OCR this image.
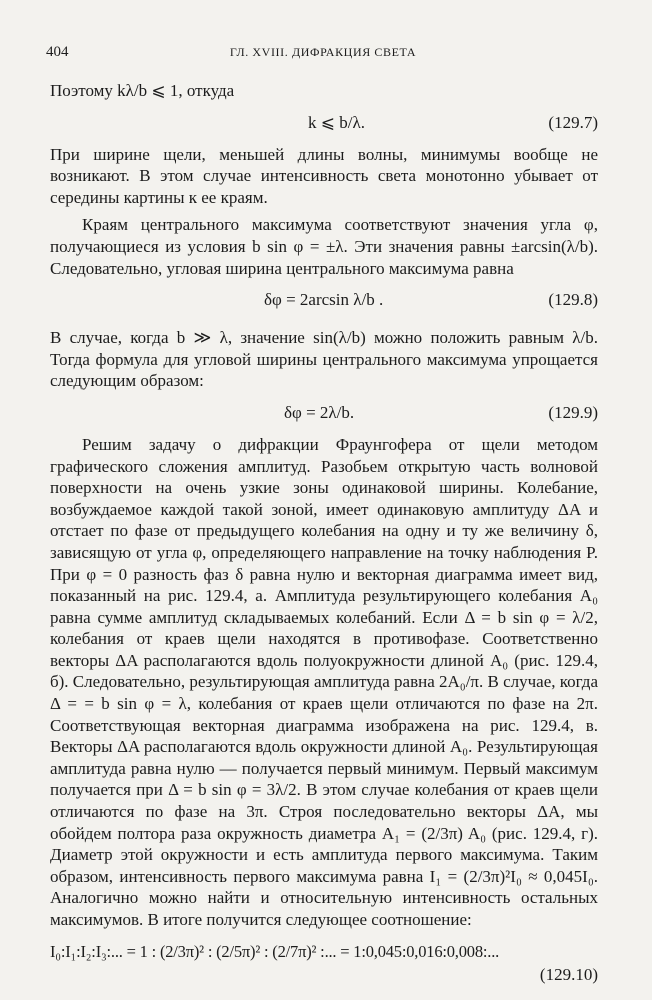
404	ГЛ. XVIII. ДИФРАКЦИЯ СВЕТА

Поэтому kλ/b ⩽ 1, откуда

k ⩽ b/λ.	(129.7)

При ширине щели, меньшей длины волны, минимумы вообще не возникают. В этом случае интенсивность света монотонно убывает от середины картины к ее краям.

Краям центрального максимума соответствуют значения угла φ, получающиеся из условия b sin φ = ±λ. Эти значения равны ±arcsin(λ/b). Следовательно, угловая ширина центрального максимума равна

δφ = 2arcsin λ/b .	(129.8)

В случае, когда b ≫ λ, значение sin(λ/b) можно положить равным λ/b. Тогда формула для угловой ширины центрального максимума упрощается следующим образом:

δφ = 2λ/b.	(129.9)

Решим задачу о дифракции Фраунгофера от щели методом графического сложения амплитуд. Разобьем открытую часть волновой поверхности на очень узкие зоны одинаковой ширины. Колебание, возбуждаемое каждой такой зоной, имеет одинаковую амплитуду ΔA и отстает по фазе от предыдущего колебания на одну и ту же величину δ, зависящую от угла φ, определяющего направление на точку наблюдения P. При φ = 0 разность фаз δ равна нулю и векторная диаграмма имеет вид, показанный на рис. 129.4, а. Амплитуда результирующего колебания A₀ равна сумме амплитуд складываемых колебаний. Если Δ = b sin φ = λ/2, колебания от краев щели находятся в противофазе. Соответственно векторы ΔA располагаются вдоль полуокружности длиной A₀ (рис. 129.4, б). Следовательно, результирующая амплитуда равна 2A₀/π. В случае, когда Δ = = b sin φ = λ, колебания от краев щели отличаются по фазе на 2π. Соответствующая векторная диаграмма изображена на рис. 129.4, в. Векторы ΔA располагаются вдоль окружности длиной A₀. Результирующая амплитуда равна нулю — получается первый минимум. Первый максимум получается при Δ = b sin φ = 3λ/2. В этом случае колебания от краев щели отличаются по фазе на 3π. Строя последовательно векторы ΔA, мы обойдем полтора раза окружность диаметра A₁ = (2/3π) A₀ (рис. 129.4, г). Диаметр этой окружности и есть амплитуда первого максимума. Таким образом, интенсивность первого максимума равна I₁ = (2/3π)²I₀ ≈ 0,045I₀. Аналогично можно найти и относительную интенсивность остальных максимумов. В итоге получится следующее соотношение:

I₀:I₁:I₂:I₃:... = 1 : (2/3π)² : (2/5π)² : (2/7π)² :... = 1:0,045:0,016:0,008:...
(129.10)
